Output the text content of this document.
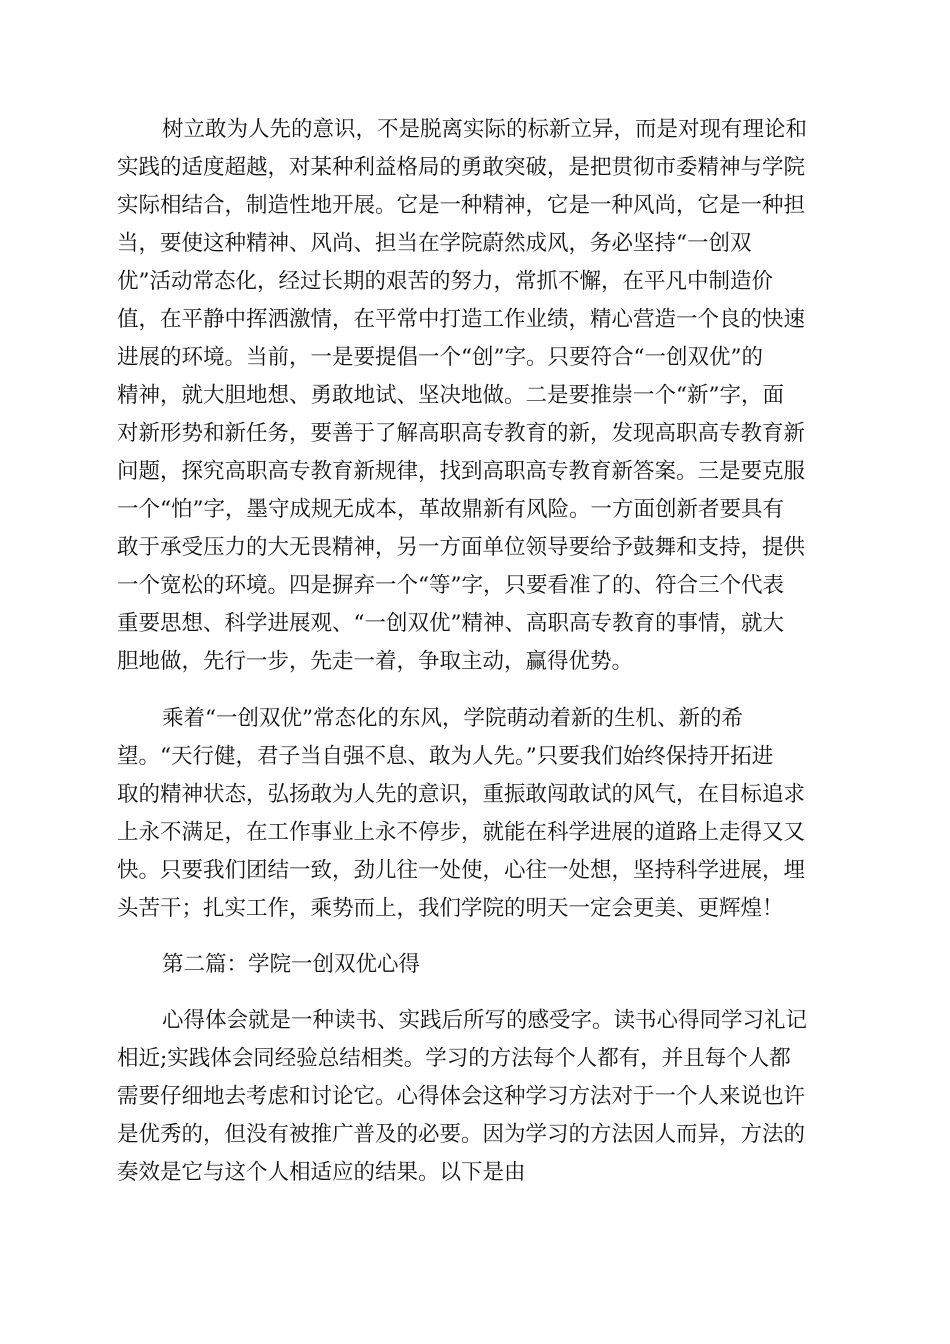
树立敢为人先的意识，不是脱离实际的标新立异，而是对现有理论和

实践的适度超越，对某种利益格局的勇敢突破，是把贯彻市委精神与学院

实际相结合，制造性地开展。它是一种精神，它是一种风尚，它是一种担

当，要使这种精神、风尚、担当在学院蔚然成风，务必坚持“一创双

优”活动常态化，经过长期的艰苦的努力，常抓不懈，在平凡中制造价

值，在平静中挥洒激情，在平常中打造工作业绩，精心营造一个良的快速

进展的环境。当前，一是要提倡一个“创”字。只要符合“一创双优”的

精神，就大胆地想、勇敢地试、坚决地做。二是要推崇一个“新”字，面

对新形势和新任务，要善于了解高职高专教育的新，发现高职高专教育新

问题，探究高职高专教育新规律，找到高职高专教育新答案。三是要克服

一个“怕”字，墨守成规无成本，革故鼎新有风险。一方面创新者要具有

敢于承受压力的大无畏精神，另一方面单位领导要给予鼓舞和支持，提供

一个宽松的环境。四是摒弃一个“等”字，只要看准了的、符合三个代表

重要思想、科学进展观、“一创双优”精神、高职高专教育的事情，就大

胆地做，先行一步，先走一着，争取主动，赢得优势。

乘着“一创双优”常态化的东风，学院萌动着新的生机、新的希

望。“天行健，君子当自强不息、敢为人先。”只要我们始终保持开拓进

取的精神状态，弘扬敢为人先的意识，重振敢闯敢试的风气，在目标追求

上永不满足，在工作事业上永不停步，就能在科学进展的道路上走得又又

快。只要我们团结一致，劲儿往一处使，心往一处想，坚持科学进展，埋

头苦干；扎实工作，乘势而上，我们学院的明天一定会更美、更辉煌！

第二篇：学院一创双优心得

心得体会就是一种读书、实践后所写的感受字。读书心得同学习礼记

相近;实践体会同经验总结相类。学习的方法每个人都有，并且每个人都

需要仔细地去考虑和讨论它。心得体会这种学习方法对于一个人来说也许

是优秀的，但没有被推广普及的必要。因为学习的方法因人而异，方法的

奏效是它与这个人相适应的结果。以下是由
